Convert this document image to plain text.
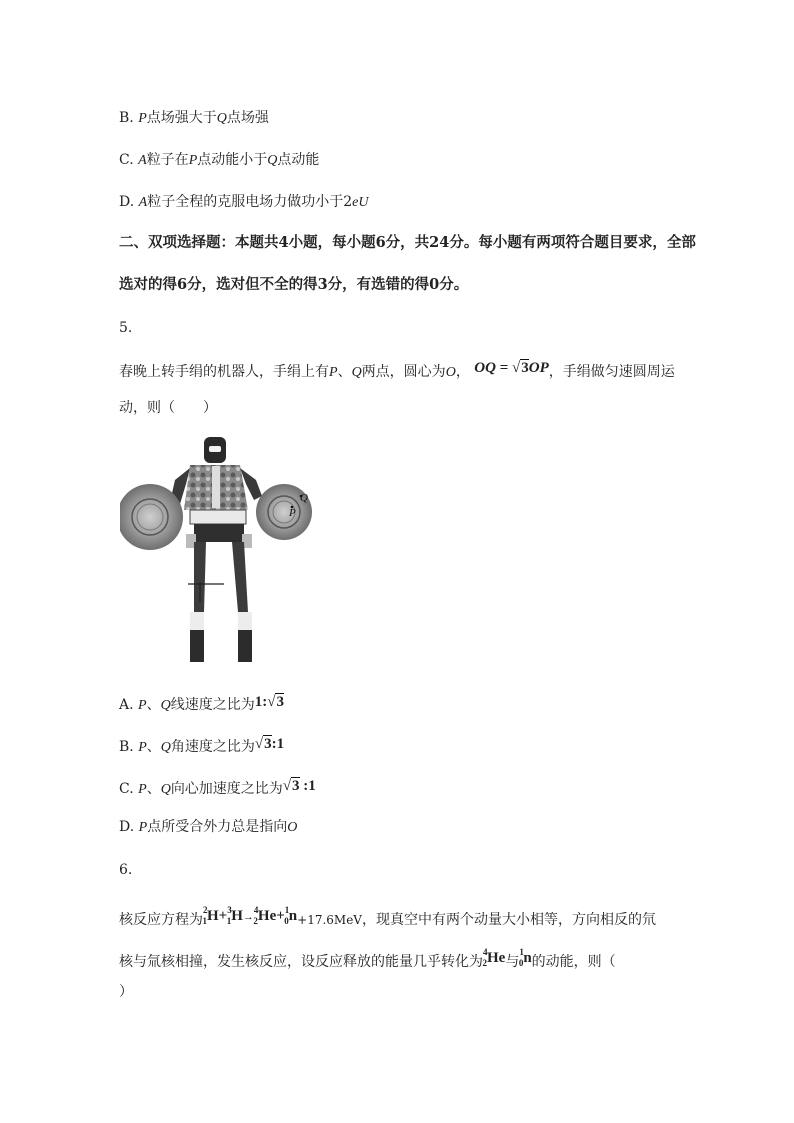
B. P点场强大于Q点场强
C. A粒子在P点动能小于Q点动能
D. A粒子全程的克服电场力做功小于2eU
二、双项选择题：本题共4小题，每小题6分，共24分。每小题有两项符合题目要求，全部
选对的得6分，选对但不全的得3分，有选错的得0分。
5.
春晚上转手绢的机器人，手绢上有P、Q两点，圆心为O， OQ = √3OP，手绢做匀速圆周运
动，则（　　）
P
Q
A. P、Q线速度之比为1:√3
B. P、Q角速度之比为√3:1
C. P、Q向心加速度之比为√3 :1
D. P点所受合外力总是指向O
6.
核反应方程为$^2_1$H+$^3_1$H→$^4_2$He+$^1_0$n+17.6MeV，现真空中有两个动量大小相等，方向相反的氘
核与氚核相撞，发生核反应，设反应释放的能量几乎转化为$^4_2$He与$^1_0$n的动能，则（
）
